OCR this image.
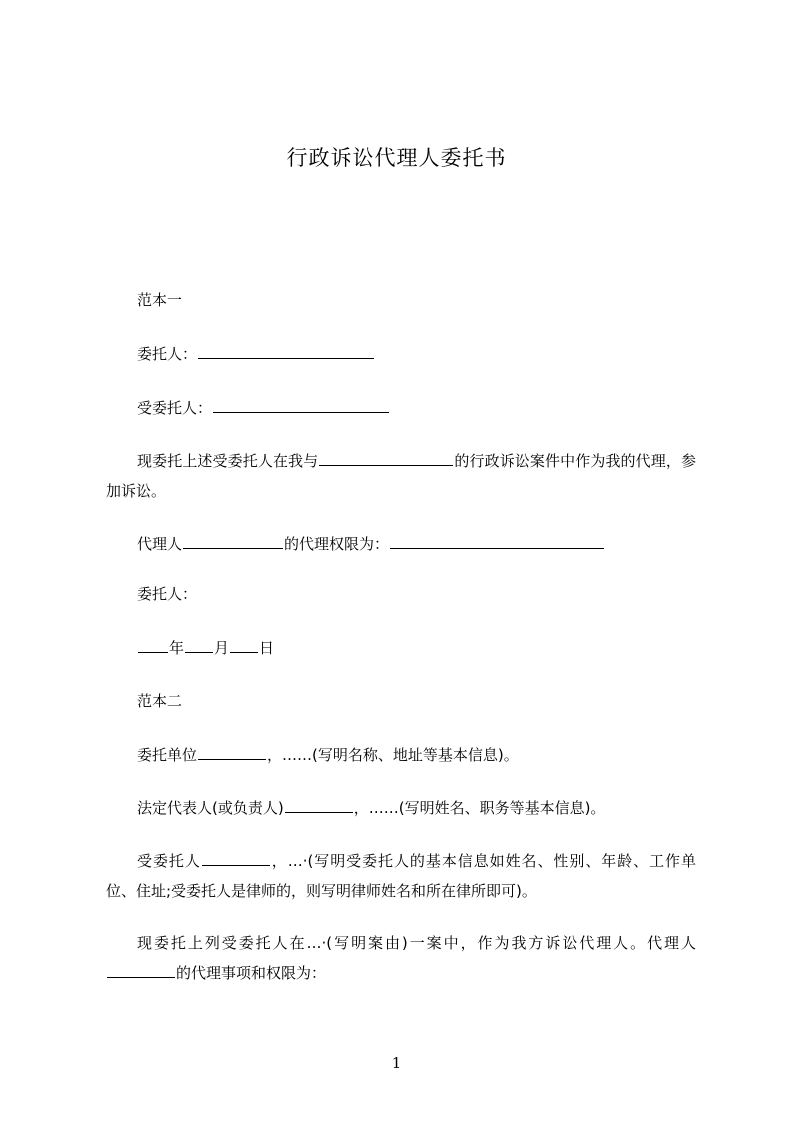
行政诉讼代理人委托书
范本一
委托人：
受委托人：
现委托上述受委托人在我与	的行政诉讼案件中作为我的代理，参加诉讼。
代理人	的代理权限为：
委托人：
年 月 日
范本二
委托单位	，……(写明名称、地址等基本信息)。
法定代表人(或负责人)	，……(写明姓名、职务等基本信息)。
受委托人	，…·(写明受委托人的基本信息如姓名、性别、年龄、工作单位、住址;受委托人是律师的，则写明律师姓名和所在律所即可)。
现委托上列受委托人在…·(写明案由)一案中，作为我方诉讼代理人。代理人的代理事项和权限为：
1
